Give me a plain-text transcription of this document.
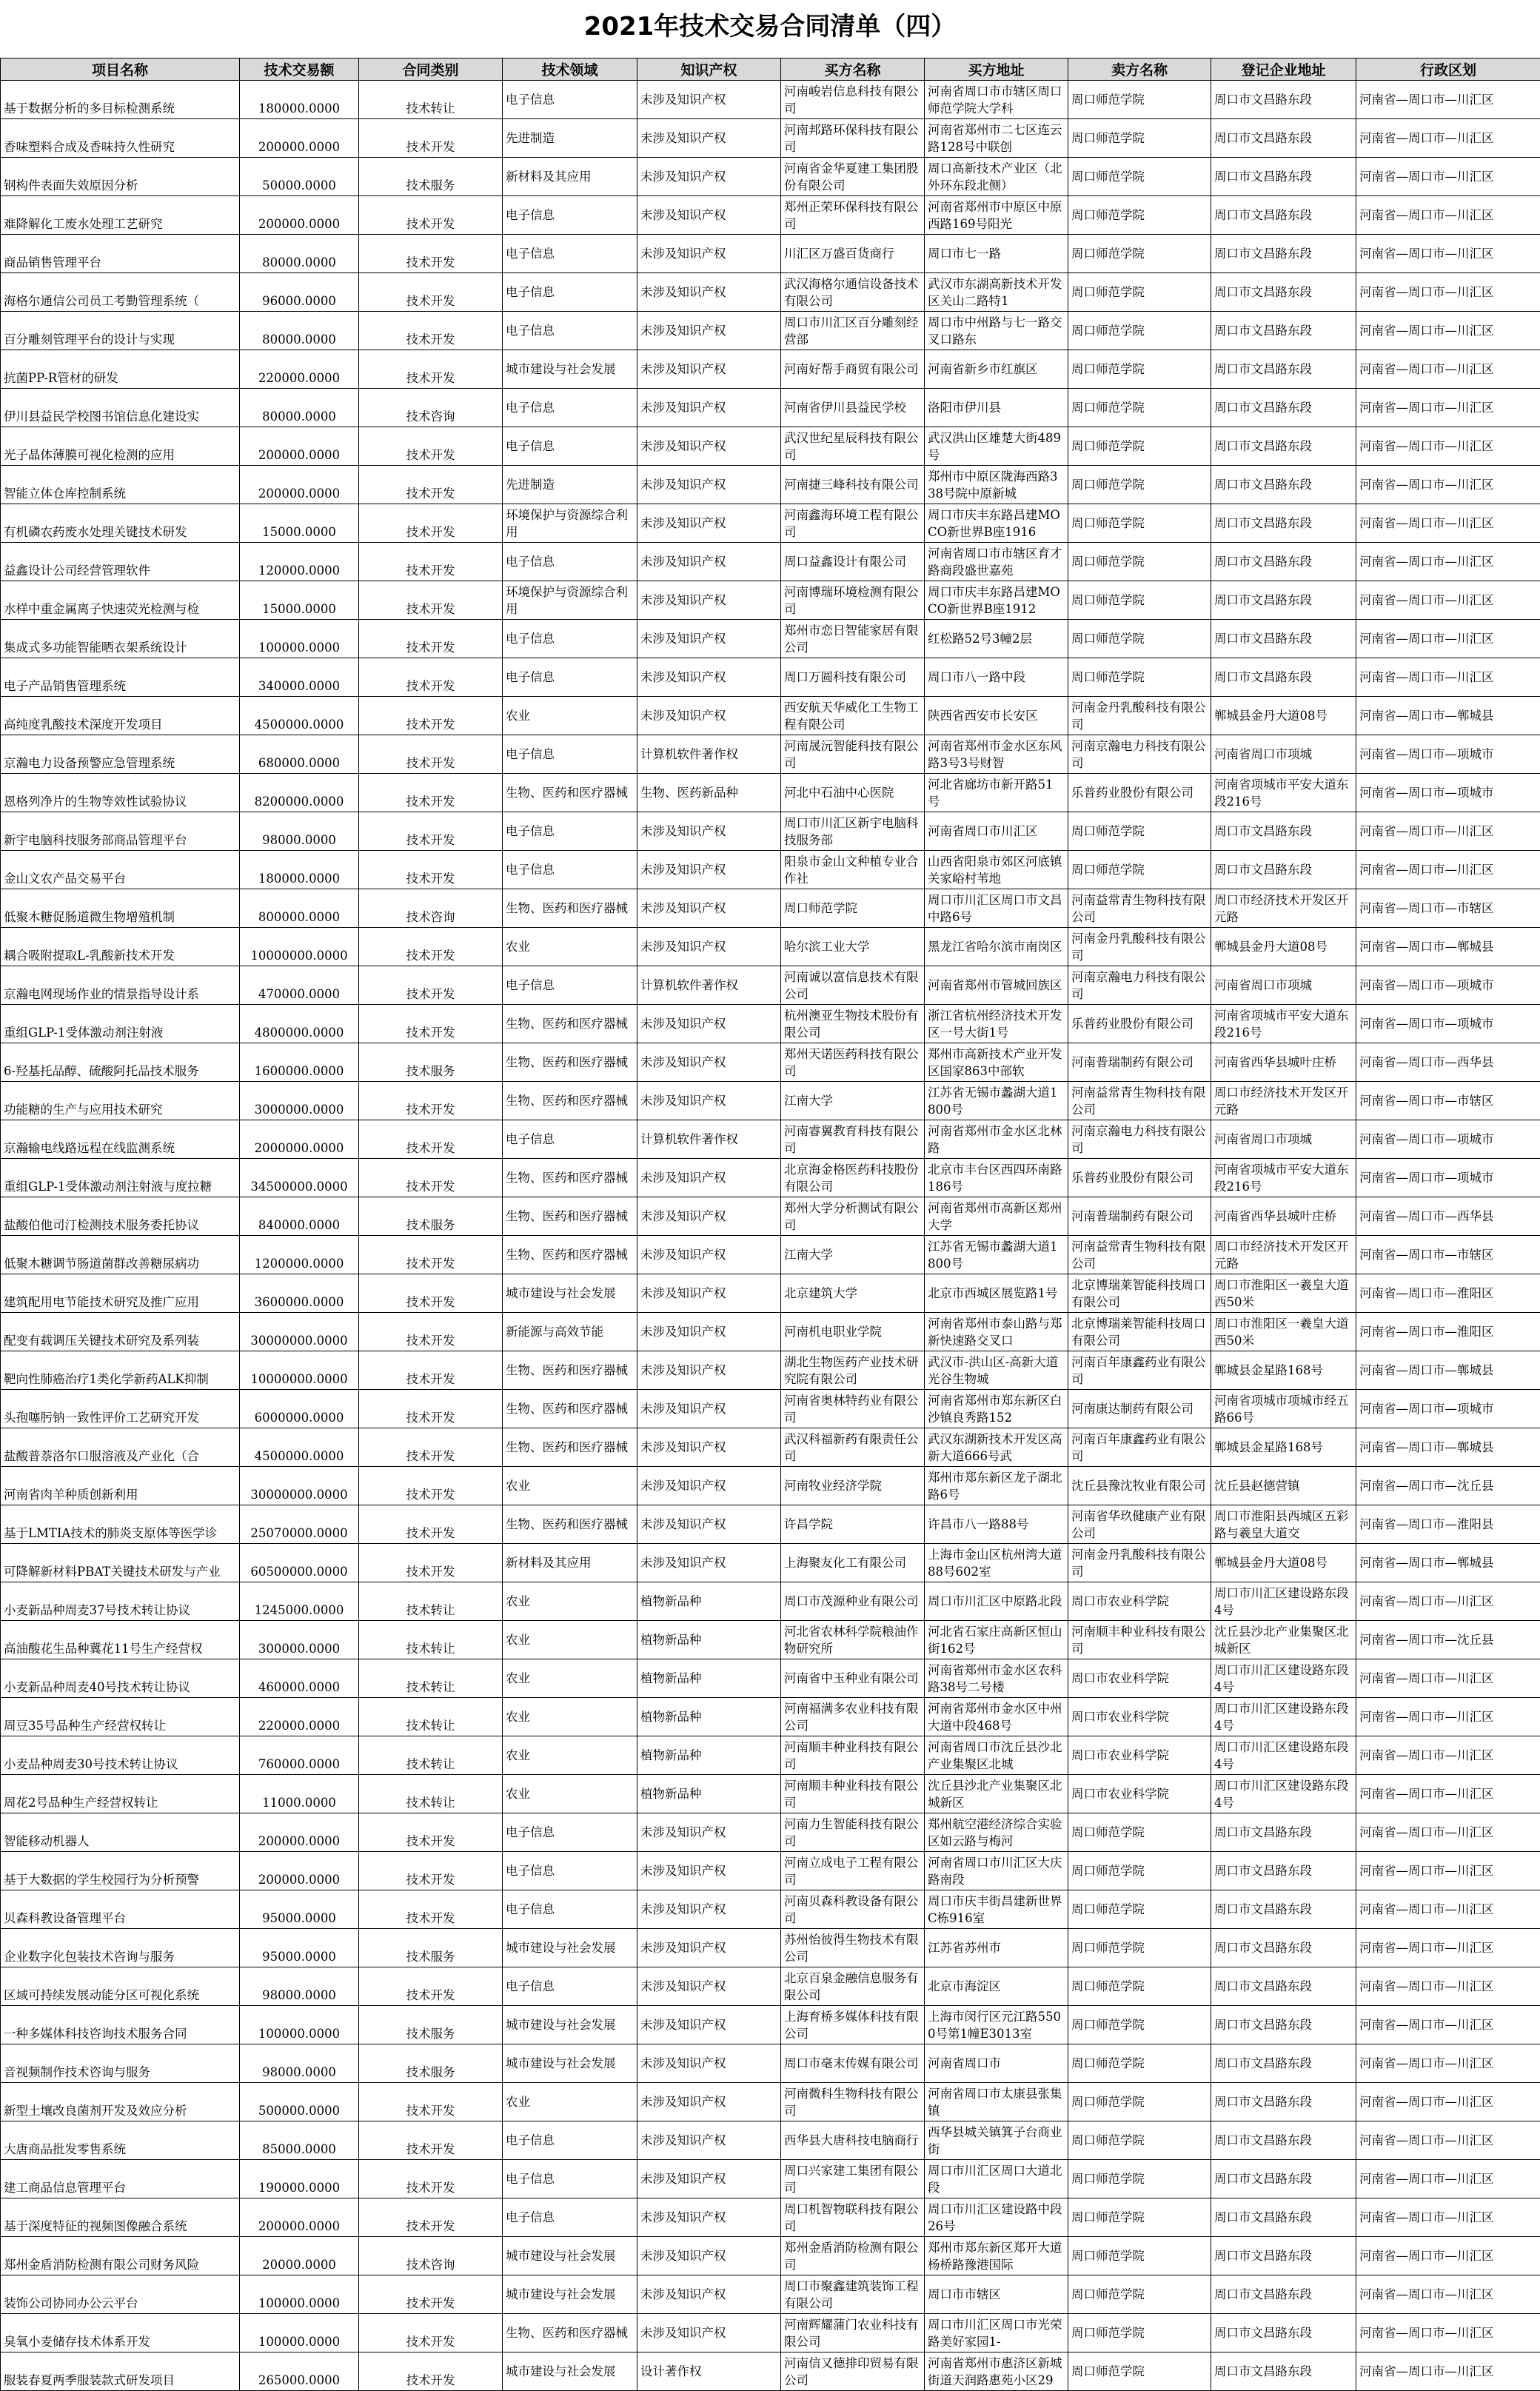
2021年技术交易合同清单（四）
项目名称	技术交易额	合同类别	技术领域	知识产权	买方名称	买方地址	卖方名称	登记企业地址	行政区划
基于数据分析的多目标检测系统	180000.0000	技术转让	电子信息	未涉及知识产权	河南峻岩信息科技有限公司	河南省周口市市辖区周口师范学院大学科	周口师范学院	周口市文昌路东段	河南省—周口市—川汇区

香味塑料合成及香味持久性研究	200000.0000	技术开发	先进制造	未涉及知识产权	河南邦路环保科技有限公司	河南省郑州市二七区连云路128号中联创	周口师范学院	周口市文昌路东段	河南省—周口市—川汇区

钢构件表面失效原因分析	50000.0000	技术服务	新材料及其应用	未涉及知识产权	河南省金华夏建工集团股份有限公司	周口高新技术产业区（北外环东段北侧）	周口师范学院	周口市文昌路东段	河南省—周口市—川汇区

难降解化工废水处理工艺研究	200000.0000	技术开发	电子信息	未涉及知识产权	郑州正荣环保科技有限公司	河南省郑州市中原区中原西路169号阳光	周口师范学院	周口市文昌路东段	河南省—周口市—川汇区

商品销售管理平台	80000.0000	技术开发	电子信息	未涉及知识产权	川汇区万盛百货商行	周口市七一路	周口师范学院	周口市文昌路东段	河南省—周口市—川汇区

海格尔通信公司员工考勤管理系统（	96000.0000	技术开发	电子信息	未涉及知识产权	武汉海格尔通信设备技术有限公司	武汉市东湖高新技术开发区关山二路特1	周口师范学院	周口市文昌路东段	河南省—周口市—川汇区

百分雕刻管理平台的设计与实现	80000.0000	技术开发	电子信息	未涉及知识产权	周口市川汇区百分雕刻经营部	周口市中州路与七一路交叉口路东	周口师范学院	周口市文昌路东段	河南省—周口市—川汇区

抗菌PP-R管材的研发	220000.0000	技术开发	城市建设与社会发展	未涉及知识产权	河南好帮手商贸有限公司	河南省新乡市红旗区	周口师范学院	周口市文昌路东段	河南省—周口市—川汇区

伊川县益民学校图书馆信息化建设实	80000.0000	技术咨询	电子信息	未涉及知识产权	河南省伊川县益民学校	洛阳市伊川县	周口师范学院	周口市文昌路东段	河南省—周口市—川汇区

光子晶体薄膜可视化检测的应用	200000.0000	技术开发	电子信息	未涉及知识产权	武汉世纪星辰科技有限公司	武汉洪山区雄楚大街489号	周口师范学院	周口市文昌路东段	河南省—周口市—川汇区

智能立体仓库控制系统	200000.0000	技术开发	先进制造	未涉及知识产权	河南捷三峰科技有限公司	郑州市中原区陇海西路338号院中原新城	周口师范学院	周口市文昌路东段	河南省—周口市—川汇区

有机磷农药废水处理关键技术研发	15000.0000	技术开发	环境保护与资源综合利用	未涉及知识产权	河南鑫海环境工程有限公司	周口市庆丰东路昌建MOCO新世界B座1916	周口师范学院	周口市文昌路东段	河南省—周口市—川汇区

益鑫设计公司经营管理软件	120000.0000	技术开发	电子信息	未涉及知识产权	周口益鑫设计有限公司	河南省周口市市辖区育才路商段盛世嘉苑	周口师范学院	周口市文昌路东段	河南省—周口市—川汇区

水样中重金属离子快速荧光检测与检	15000.0000	技术开发	环境保护与资源综合利用	未涉及知识产权	河南博瑞环境检测有限公司	周口市庆丰东路昌建MOCO新世界B座1912	周口师范学院	周口市文昌路东段	河南省—周口市—川汇区

集成式多功能智能晒衣架系统设计	100000.0000	技术开发	电子信息	未涉及知识产权	郑州市恋日智能家居有限公司	红松路52号3幢2层	周口师范学院	周口市文昌路东段	河南省—周口市—川汇区

电子产品销售管理系统	340000.0000	技术开发	电子信息	未涉及知识产权	周口万圆科技有限公司	周口市八一路中段	周口师范学院	周口市文昌路东段	河南省—周口市—川汇区

高纯度乳酸技术深度开发项目	4500000.0000	技术开发	农业	未涉及知识产权	西安航天华威化工生物工程有限公司	陕西省西安市长安区	河南金丹乳酸科技有限公司	郸城县金丹大道08号	河南省—周口市—郸城县

京瀚电力设备预警应急管理系统	680000.0000	技术开发	电子信息	计算机软件著作权	河南晟沅智能科技有限公司	河南省郑州市金水区东风路3号3号财智	河南京瀚电力科技有限公司	河南省周口市项城	河南省—周口市—项城市

恩格列净片的生物等效性试验协议	8200000.0000	技术开发	生物、医药和医疗器械	生物、医药新品种	河北中石油中心医院	河北省廊坊市新开路51号	乐普药业股份有限公司	河南省项城市平安大道东段216号	河南省—周口市—项城市

新宇电脑科技服务部商品管理平台	98000.0000	技术开发	电子信息	未涉及知识产权	周口市川汇区新宇电脑科技服务部	河南省周口市川汇区	周口师范学院	周口市文昌路东段	河南省—周口市—川汇区

金山文农产品交易平台	180000.0000	技术开发	电子信息	未涉及知识产权	阳泉市金山文种植专业合作社	山西省阳泉市郊区河底镇关家峪村苇地	周口师范学院	周口市文昌路东段	河南省—周口市—川汇区

低聚木糖促肠道微生物增殖机制	800000.0000	技术咨询	生物、医药和医疗器械	未涉及知识产权	周口师范学院	周口市川汇区周口市文昌中路6号	河南益常青生物科技有限公司	周口市经济技术开发区开元路	河南省—周口市—市辖区

耦合吸附提取L-乳酸新技术开发	10000000.0000	技术开发	农业	未涉及知识产权	哈尔滨工业大学	黑龙江省哈尔滨市南岗区	河南金丹乳酸科技有限公司	郸城县金丹大道08号	河南省—周口市—郸城县

京瀚电网现场作业的情景指导设计系	470000.0000	技术开发	电子信息	计算机软件著作权	河南诚以富信息技术有限公司	河南省郑州市管城回族区	河南京瀚电力科技有限公司	河南省周口市项城	河南省—周口市—项城市

重组GLP-1受体激动剂注射液	4800000.0000	技术开发	生物、医药和医疗器械	未涉及知识产权	杭州澳亚生物技术股份有限公司	浙江省杭州经济技术开发区一号大街1号	乐普药业股份有限公司	河南省项城市平安大道东段216号	河南省—周口市—项城市

6-羟基托品醇、硫酸阿托品技术服务	1600000.0000	技术服务	生物、医药和医疗器械	未涉及知识产权	郑州天诺医药科技有限公司	郑州市高新技术产业开发区国家863中部软	河南普瑞制药有限公司	河南省西华县城叶庄桥	河南省—周口市—西华县

功能糖的生产与应用技术研究	3000000.0000	技术开发	生物、医药和医疗器械	未涉及知识产权	江南大学	江苏省无锡市蠡湖大道1800号	河南益常青生物科技有限公司	周口市经济技术开发区开元路	河南省—周口市—市辖区

京瀚输电线路远程在线监测系统	2000000.0000	技术开发	电子信息	计算机软件著作权	河南睿翼教育科技有限公司	河南省郑州市金水区北林路	河南京瀚电力科技有限公司	河南省周口市项城	河南省—周口市—项城市

重组GLP-1受体激动剂注射液与度拉糖	34500000.0000	技术开发	生物、医药和医疗器械	未涉及知识产权	北京海金格医药科技股份有限公司	北京市丰台区西四环南路186号	乐普药业股份有限公司	河南省项城市平安大道东段216号	河南省—周口市—项城市

盐酸伯他司汀检测技术服务委托协议	840000.0000	技术服务	生物、医药和医疗器械	未涉及知识产权	郑州大学分析测试有限公司	河南省郑州市高新区郑州大学	河南普瑞制药有限公司	河南省西华县城叶庄桥	河南省—周口市—西华县

低聚木糖调节肠道菌群改善糖尿病功	1200000.0000	技术开发	生物、医药和医疗器械	未涉及知识产权	江南大学	江苏省无锡市蠡湖大道1800号	河南益常青生物科技有限公司	周口市经济技术开发区开元路	河南省—周口市—市辖区

建筑配用电节能技术研究及推广应用	3600000.0000	技术开发	城市建设与社会发展	未涉及知识产权	北京建筑大学	北京市西城区展览路1号	北京博瑞莱智能科技周口有限公司	周口市淮阳区一羲皇大道西50米	河南省—周口市—淮阳区

配变有载调压关键技术研究及系列装	30000000.0000	技术开发	新能源与高效节能	未涉及知识产权	河南机电职业学院	河南省郑州市泰山路与郑新快速路交叉口	北京博瑞莱智能科技周口有限公司	周口市淮阳区一羲皇大道西50米	河南省—周口市—淮阳区

靶向性肺癌治疗1类化学新药ALK抑制	10000000.0000	技术开发	生物、医药和医疗器械	未涉及知识产权	湖北生物医药产业技术研究院有限公司	武汉市-洪山区-高新大道光谷生物城	河南百年康鑫药业有限公司	郸城县金星路168号	河南省—周口市—郸城县

头孢噻肟钠一致性评价工艺研究开发	6000000.0000	技术开发	生物、医药和医疗器械	未涉及知识产权	河南省奥林特药业有限公司	河南省郑州市郑东新区白沙镇良秀路152	河南康达制药有限公司	河南省项城市项城市经五路66号	河南省—周口市—项城市

盐酸普萘洛尔口服溶液及产业化（合	4500000.0000	技术开发	生物、医药和医疗器械	未涉及知识产权	武汉科福新药有限责任公司	武汉东湖新技术开发区高新大道666号武	河南百年康鑫药业有限公司	郸城县金星路168号	河南省—周口市—郸城县

河南省肉羊种质创新利用	30000000.0000	技术开发	农业	未涉及知识产权	河南牧业经济学院	郑州市郑东新区龙子湖北路6号	沈丘县豫沈牧业有限公司	沈丘县赵德营镇	河南省—周口市—沈丘县

基于LMTIA技术的肺炎支原体等医学诊	25070000.0000	技术开发	生物、医药和医疗器械	未涉及知识产权	许昌学院	许昌市八一路88号	河南省华玖健康产业有限公司	周口市淮阳县西城区五彩路与羲皇大道交	河南省—周口市—淮阳县

可降解新材料PBAT关键技术研发与产业	60500000.0000	技术开发	新材料及其应用	未涉及知识产权	上海聚友化工有限公司	上海市金山区杭州湾大道88号602室	河南金丹乳酸科技有限公司	郸城县金丹大道08号	河南省—周口市—郸城县

小麦新品种周麦37号技术转让协议	1245000.0000	技术转让	农业	植物新品种	周口市茂源种业有限公司	周口市川汇区中原路北段	周口市农业科学院	周口市川汇区建设路东段4号	河南省—周口市—川汇区

高油酸花生品种冀花11号生产经营权	300000.0000	技术转让	农业	植物新品种	河北省农林科学院粮油作物研究所	河北省石家庄高新区恒山街162号	河南顺丰种业科技有限公司	沈丘县沙北产业集聚区北城新区	河南省—周口市—沈丘县

小麦新品种周麦40号技术转让协议	460000.0000	技术转让	农业	植物新品种	河南省中玉种业有限公司	河南省郑州市金水区农科路38号二号楼	周口市农业科学院	周口市川汇区建设路东段4号	河南省—周口市—川汇区

周豆35号品种生产经营权转让	220000.0000	技术转让	农业	植物新品种	河南福满多农业科技有限公司	河南省郑州市金水区中州大道中段468号	周口市农业科学院	周口市川汇区建设路东段4号	河南省—周口市—川汇区

小麦品种周麦30号技术转让协议	760000.0000	技术转让	农业	植物新品种	河南顺丰种业科技有限公司	河南省周口市沈丘县沙北产业集聚区北城	周口市农业科学院	周口市川汇区建设路东段4号	河南省—周口市—川汇区

周花2号品种生产经营权转让	11000.0000	技术转让	农业	植物新品种	河南顺丰种业科技有限公司	沈丘县沙北产业集聚区北城新区	周口市农业科学院	周口市川汇区建设路东段4号	河南省—周口市—川汇区

智能移动机器人	200000.0000	技术开发	电子信息	未涉及知识产权	河南力生智能科技有限公司	郑州航空港经济综合实验区如云路与梅河	周口师范学院	周口市文昌路东段	河南省—周口市—川汇区

基于大数据的学生校园行为分析预警	200000.0000	技术开发	电子信息	未涉及知识产权	河南立成电子工程有限公司	河南省周口市川汇区大庆路南段	周口师范学院	周口市文昌路东段	河南省—周口市—川汇区

贝森科教设备管理平台	95000.0000	技术开发	电子信息	未涉及知识产权	河南贝森科教设备有限公司	周口市庆丰街昌建新世界C栋916室	周口师范学院	周口市文昌路东段	河南省—周口市—川汇区

企业数字化包装技术咨询与服务	95000.0000	技术服务	城市建设与社会发展	未涉及知识产权	苏州怡彼得生物技术有限公司	江苏省苏州市	周口师范学院	周口市文昌路东段	河南省—周口市—川汇区

区域可持续发展动能分区可视化系统	98000.0000	技术开发	电子信息	未涉及知识产权	北京百泉金融信息服务有限公司	北京市海淀区	周口师范学院	周口市文昌路东段	河南省—周口市—川汇区

一种多媒体科技咨询技术服务合同	100000.0000	技术服务	城市建设与社会发展	未涉及知识产权	上海育桥多媒体科技有限公司	上海市闵行区元江路5500号第1幢E3013室	周口师范学院	周口市文昌路东段	河南省—周口市—川汇区

音视频制作技术咨询与服务	98000.0000	技术服务	城市建设与社会发展	未涉及知识产权	周口市毫末传媒有限公司	河南省周口市	周口师范学院	周口市文昌路东段	河南省—周口市—川汇区

新型土壤改良菌剂开发及效应分析	500000.0000	技术开发	农业	未涉及知识产权	河南微科生物科技有限公司	河南省周口市太康县张集镇	周口师范学院	周口市文昌路东段	河南省—周口市—川汇区

大唐商品批发零售系统	85000.0000	技术开发	电子信息	未涉及知识产权	西华县大唐科技电脑商行	西华县城关镇箕子台商业街	周口师范学院	周口市文昌路东段	河南省—周口市—川汇区

建工商品信息管理平台	190000.0000	技术开发	电子信息	未涉及知识产权	周口兴家建工集团有限公司	周口市川汇区周口大道北段	周口师范学院	周口市文昌路东段	河南省—周口市—川汇区

基于深度特征的视频图像融合系统	200000.0000	技术开发	电子信息	未涉及知识产权	周口机智物联科技有限公司	周口市川汇区建设路中段26号	周口师范学院	周口市文昌路东段	河南省—周口市—川汇区

郑州金盾消防检测有限公司财务风险	20000.0000	技术咨询	城市建设与社会发展	未涉及知识产权	郑州金盾消防检测有限公司	郑州市郑东新区郑开大道杨桥路豫港国际	周口师范学院	周口市文昌路东段	河南省—周口市—川汇区

装饰公司协同办公云平台	100000.0000	技术开发	城市建设与社会发展	未涉及知识产权	周口市聚鑫建筑装饰工程有限公司	周口市市辖区	周口师范学院	周口市文昌路东段	河南省—周口市—川汇区

臭氧小麦储存技术体系开发	100000.0000	技术开发	生物、医药和医疗器械	未涉及知识产权	河南辉耀蒲门农业科技有限公司	周口市川汇区周口市光荣路美好家园1-	周口师范学院	周口市文昌路东段	河南省—周口市—川汇区

服装春夏两季服装款式研发项目	265000.0000	技术开发	城市建设与社会发展	设计著作权	河南信又德排印贸易有限公司	河南省郑州市惠济区新城街道天润路惠苑小区29	周口师范学院	周口市文昌路东段	河南省—周口市—川汇区
